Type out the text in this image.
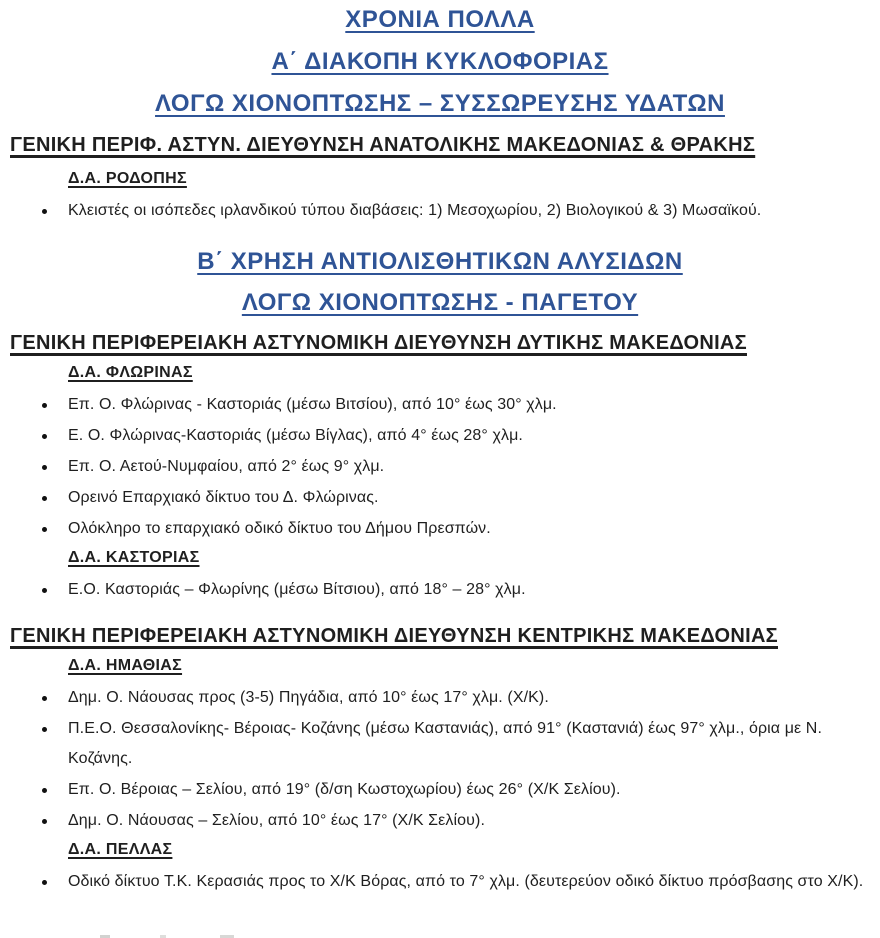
ΧΡΟΝΙΑ ΠΟΛΛΑ
Α΄ ΔΙΑΚΟΠΗ ΚΥΚΛΟΦΟΡΙΑΣ
ΛΟΓΩ ΧΙΟΝΟΠΤΩΣΗΣ – ΣΥΣΣΩΡΕΥΣΗΣ ΥΔΑΤΩΝ
ΓΕΝΙΚΗ ΠΕΡΙΦ. ΑΣΤΥΝ. ΔΙΕΥΘΥΝΣΗ ΑΝΑΤΟΛΙΚΗΣ ΜΑΚΕΔΟΝΙΑΣ & ΘΡΑΚΗΣ
Δ.Α. ΡΟΔΟΠΗΣ
Κλειστές οι ισόπεδες ιρλανδικού τύπου διαβάσεις: 1) Μεσοχωρίου, 2) Βιολογικού & 3) Μωσαϊκού.
Β΄ ΧΡΗΣΗ ΑΝΤΙΟΛΙΣΘΗΤΙΚΩΝ ΑΛΥΣΙΔΩΝ
ΛΟΓΩ ΧΙΟΝΟΠΤΩΣΗΣ - ΠΑΓΕΤΟΥ
ΓΕΝΙΚΗ ΠΕΡΙΦΕΡΕΙΑΚΗ ΑΣΤΥΝΟΜΙΚΗ ΔΙΕΥΘΥΝΣΗ ΔΥΤΙΚΗΣ ΜΑΚΕΔΟΝΙΑΣ
Δ.Α. ΦΛΩΡΙΝΑΣ
Επ. Ο. Φλώρινας - Καστοριάς (μέσω Βιτσίου), από 10° έως 30° χλμ.
Ε. Ο. Φλώρινας-Καστοριάς (μέσω Βίγλας), από 4° έως 28° χλμ.
Επ. Ο. Αετού-Νυμφαίου, από 2° έως 9° χλμ.
Ορεινό Επαρχιακό δίκτυο του Δ. Φλώρινας.
Ολόκληρο το επαρχιακό οδικό δίκτυο του Δήμου Πρεσπών.
Δ.Α. ΚΑΣΤΟΡΙΑΣ
Ε.Ο. Καστοριάς – Φλωρίνης (μέσω Βίτσιου), από 18° – 28° χλμ.
ΓΕΝΙΚΗ ΠΕΡΙΦΕΡΕΙΑΚΗ ΑΣΤΥΝΟΜΙΚΗ ΔΙΕΥΘΥΝΣΗ ΚΕΝΤΡΙΚΗΣ ΜΑΚΕΔΟΝΙΑΣ
Δ.Α. ΗΜΑΘΙΑΣ
Δημ. Ο. Νάουσας προς (3-5) Πηγάδια, από 10° έως 17° χλμ. (Χ/Κ).
Π.Ε.Ο. Θεσσαλονίκης- Βέροιας- Κοζάνης (μέσω Καστανιάς), από 91° (Καστανιά) έως 97° χλμ., όρια με Ν. Κοζάνης.
Επ. Ο. Βέροιας – Σελίου, από 19° (δ/ση Κωστοχωρίου) έως 26° (Χ/Κ Σελίου).
Δημ. Ο. Νάουσας – Σελίου, από 10° έως 17° (Χ/Κ Σελίου).
Δ.Α. ΠΕΛΛΑΣ
Οδικό δίκτυο Τ.Κ. Κερασιάς προς το Χ/Κ Βόρας, από το 7° χλμ. (δευτερεύον οδικό δίκτυο πρόσβασης στο Χ/Κ).
